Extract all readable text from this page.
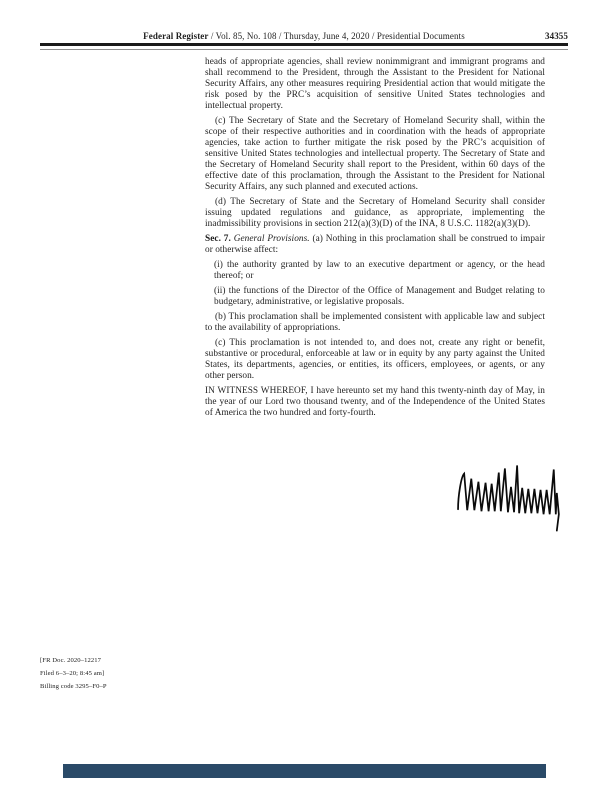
Federal Register / Vol. 85, No. 108 / Thursday, June 4, 2020 / Presidential Documents	34355

heads of appropriate agencies, shall review nonimmigrant and immigrant programs and shall recommend to the President, through the Assistant to the President for National Security Affairs, any other measures requiring Presidential action that would mitigate the risk posed by the PRC’s acquisition of sensitive United States technologies and intellectual property.

(c) The Secretary of State and the Secretary of Homeland Security shall, within the scope of their respective authorities and in coordination with the heads of appropriate agencies, take action to further mitigate the risk posed by the PRC’s acquisition of sensitive United States technologies and intellectual property. The Secretary of State and the Secretary of Homeland Security shall report to the President, within 60 days of the effective date of this proclamation, through the Assistant to the President for National Security Affairs, any such planned and executed actions.

(d) The Secretary of State and the Secretary of Homeland Security shall consider issuing updated regulations and guidance, as appropriate, implementing the inadmissibility provisions in section 212(a)(3)(D) of the INA, 8 U.S.C. 1182(a)(3)(D).

Sec. 7. General Provisions. (a) Nothing in this proclamation shall be construed to impair or otherwise affect:

(i) the authority granted by law to an executive department or agency, or the head thereof; or

(ii) the functions of the Director of the Office of Management and Budget relating to budgetary, administrative, or legislative proposals.

(b) This proclamation shall be implemented consistent with applicable law and subject to the availability of appropriations.

(c) This proclamation is not intended to, and does not, create any right or benefit, substantive or procedural, enforceable at law or in equity by any party against the United States, its departments, agencies, or entities, its officers, employees, or agents, or any other person.

IN WITNESS WHEREOF, I have hereunto set my hand this twenty-ninth day of May, in the year of our Lord two thousand twenty, and of the Independence of the United States of America the two hundred and forty-fourth.

[FR Doc. 2020–12217
Filed 6–3–20; 8:45 am]
Billing code 3295–F0–P
